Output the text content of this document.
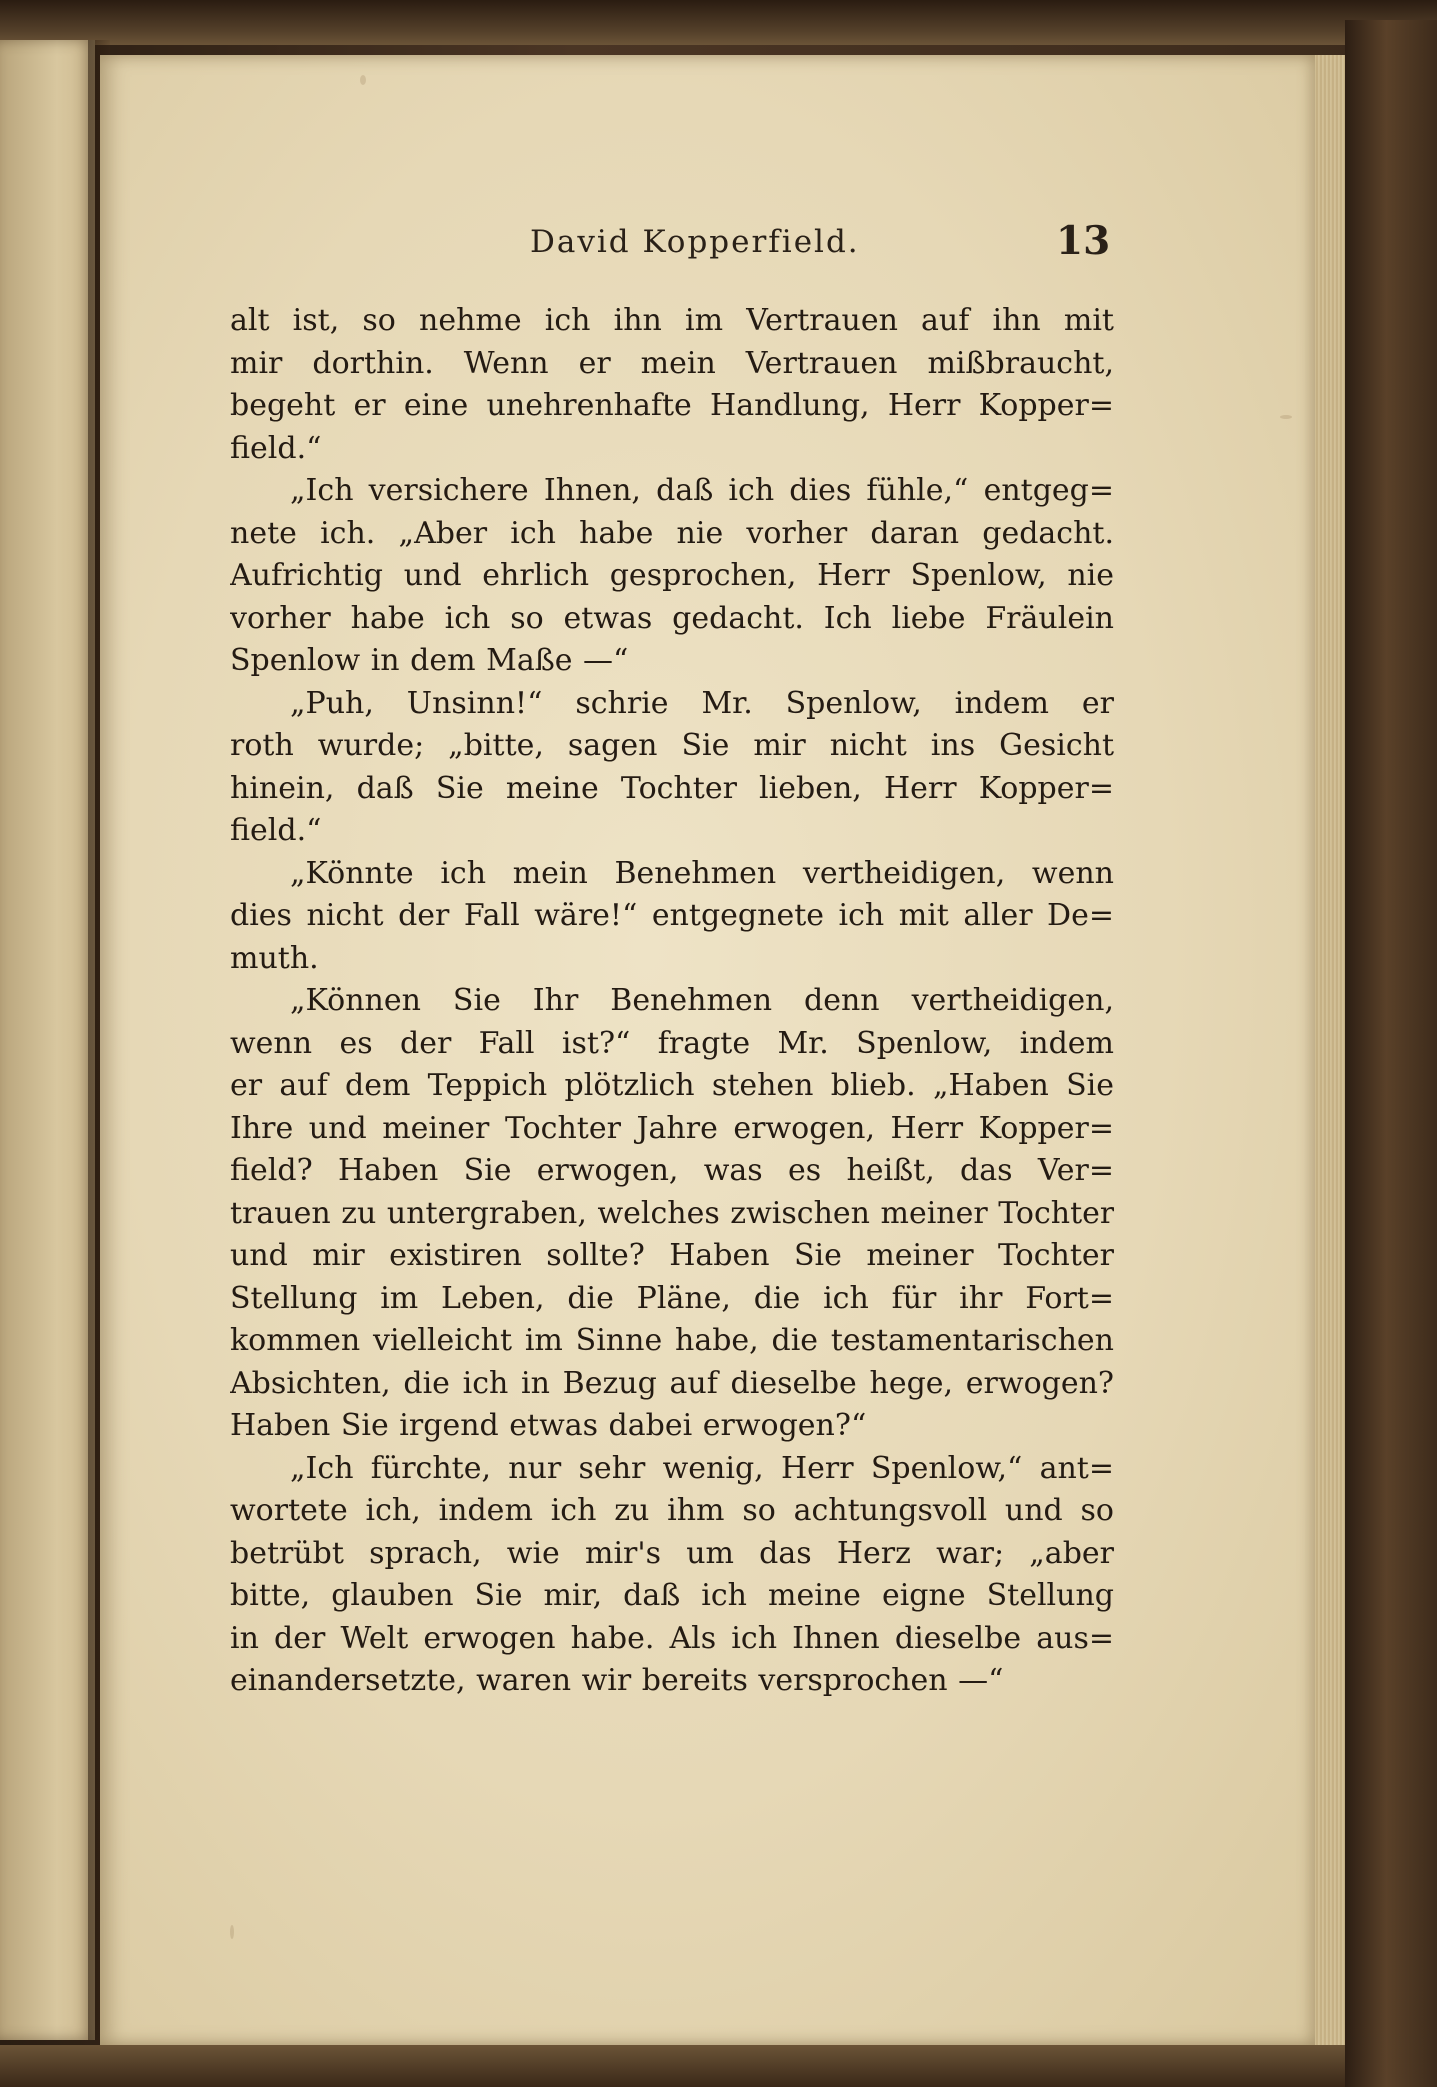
David Kopperfield.	13
alt ist, so nehme ich ihn im Vertrauen auf ihn mit
mir dorthin. Wenn er mein Vertrauen mißbraucht,
begeht er eine unehrenhafte Handlung, Herr Kopper=
field.“
„Ich versichere Ihnen, daß ich dies fühle,“ entgeg=
nete ich. „Aber ich habe nie vorher daran gedacht.
Aufrichtig und ehrlich gesprochen, Herr Spenlow, nie
vorher habe ich so etwas gedacht. Ich liebe Fräulein
Spenlow in dem Maße —“
„Puh, Unsinn!“ schrie Mr. Spenlow, indem er
roth wurde; „bitte, sagen Sie mir nicht ins Gesicht
hinein, daß Sie meine Tochter lieben, Herr Kopper=
field.“
„Könnte ich mein Benehmen vertheidigen, wenn
dies nicht der Fall wäre!“ entgegnete ich mit aller De=
muth.
„Können Sie Ihr Benehmen denn vertheidigen,
wenn es der Fall ist?“ fragte Mr. Spenlow, indem
er auf dem Teppich plötzlich stehen blieb. „Haben Sie
Ihre und meiner Tochter Jahre erwogen, Herr Kopper=
field? Haben Sie erwogen, was es heißt, das Ver=
trauen zu untergraben, welches zwischen meiner Tochter
und mir existiren sollte? Haben Sie meiner Tochter
Stellung im Leben, die Pläne, die ich für ihr Fort=
kommen vielleicht im Sinne habe, die testamentarischen
Absichten, die ich in Bezug auf dieselbe hege, erwogen?
Haben Sie irgend etwas dabei erwogen?“
„Ich fürchte, nur sehr wenig, Herr Spenlow,“ ant=
wortete ich, indem ich zu ihm so achtungsvoll und so
betrübt sprach, wie mir's um das Herz war; „aber
bitte, glauben Sie mir, daß ich meine eigne Stellung
in der Welt erwogen habe. Als ich Ihnen dieselbe aus=
einandersetzte, waren wir bereits versprochen —“
